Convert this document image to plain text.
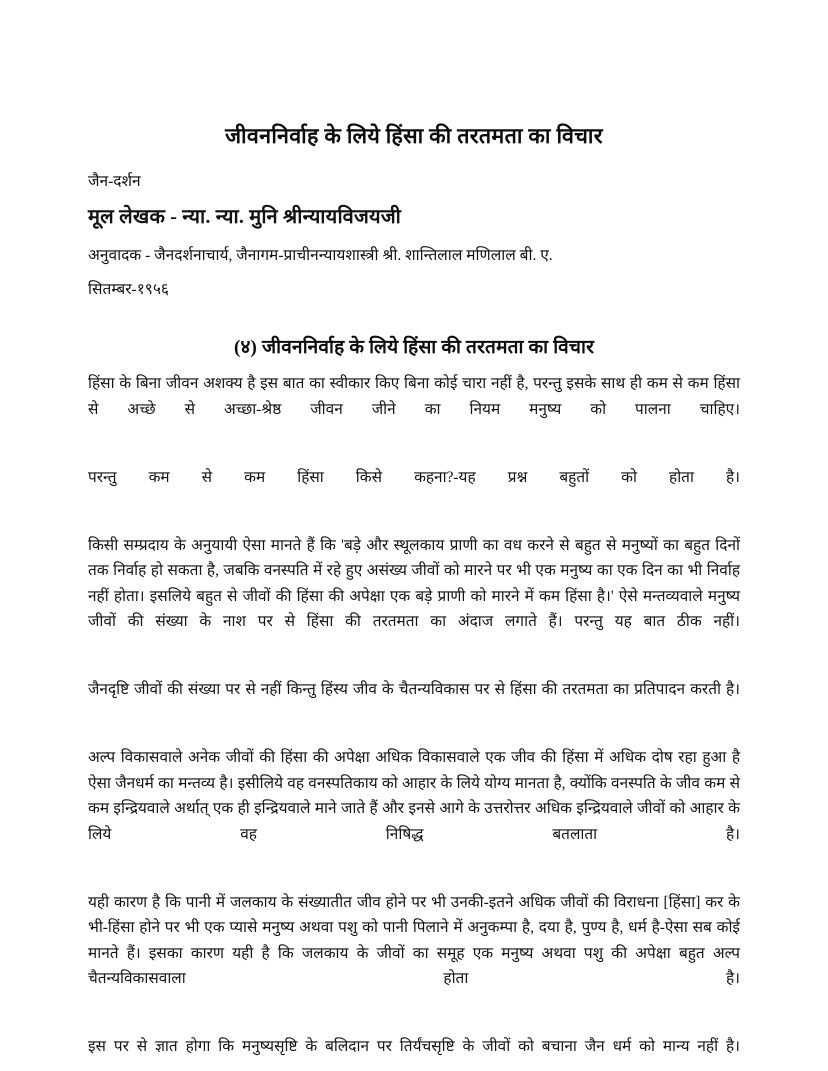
जीवननिर्वाह के लिये हिंसा की तरतमता का विचार
जैन-दर्शन
मूल लेखक - न्या. न्या. मुनि श्रीन्यायविजयजी
अनुवादक - जैनदर्शनाचार्य, जैनागम-प्राचीनन्यायशास्त्री श्री. शान्तिलाल मणिलाल बी. ए.
सितम्बर-१९५६
(४) जीवननिर्वाह के लिये हिंसा की तरतमता का विचार

हिंसा के बिना जीवन अशक्य है इस बात का स्वीकार किए बिना कोई चारा नहीं है, परन्तु इसके साथ ही कम से कम हिंसा से अच्छे से अच्छा-श्रेष्ठ जीवन जीने का नियम मनुष्य को पालना चाहिए।

परन्तु कम से कम हिंसा किसे कहना?-यह प्रश्न बहुतों को होता है।

किसी सम्प्रदाय के अनुयायी ऐसा मानते हैं कि 'बड़े और स्थूलकाय प्राणी का वध करने से बहुत से मनुष्यों का बहुत दिनों तक निर्वाह हो सकता है, जबकि वनस्पति में रहे हुए असंख्य जीवों को मारने पर भी एक मनुष्य का एक दिन का भी निर्वाह नहीं होता। इसलिये बहुत से जीवों की हिंसा की अपेक्षा एक बड़े प्राणी को मारने में कम हिंसा है।' ऐसे मन्तव्यवाले मनुष्य जीवों की संख्या के नाश पर से हिंसा की तरतमता का अंदाज लगाते हैं। परन्तु यह बात ठीक नहीं।

जैनदृष्टि जीवों की संख्या पर से नहीं किन्तु हिंस्य जीव के चैतन्यविकास पर से हिंसा की तरतमता का प्रतिपादन करती है।

अल्प विकासवाले अनेक जीवों की हिंसा की अपेक्षा अधिक विकासवाले एक जीव की हिंसा में अधिक दोष रहा हुआ है ऐसा जैनधर्म का मन्तव्य है। इसीलिये वह वनस्पतिकाय को आहार के लिये योग्य मानता है, क्योंकि वनस्पति के जीव कम से कम इन्द्रियवाले अर्थात् एक ही इन्द्रियवाले माने जाते हैं और इनसे आगे के उत्तरोत्तर अधिक इन्द्रियवाले जीवों को आहार के लिये वह निषिद्ध बतलाता है।

यही कारण है कि पानी में जलकाय के संख्यातीत जीव होने पर भी उनकी-इतने अधिक जीवों की विराधना [हिंसा] कर के भी-हिंसा होने पर भी एक प्यासे मनुष्य अथवा पशु को पानी पिलाने में अनुकम्पा है, दया है, पुण्य है, धर्म है-ऐसा सब कोई मानते हैं। इसका कारण यही है कि जलकाय के जीवों का समूह एक मनुष्य अथवा पशु की अपेक्षा बहुत अल्प चैतन्यविकासवाला होता है।

इस पर से ज्ञात होगा कि मनुष्यसृष्टि के बलिदान पर तिर्यंचसृष्टि के जीवों को बचाना जैन धर्म को मान्य नहीं है।
